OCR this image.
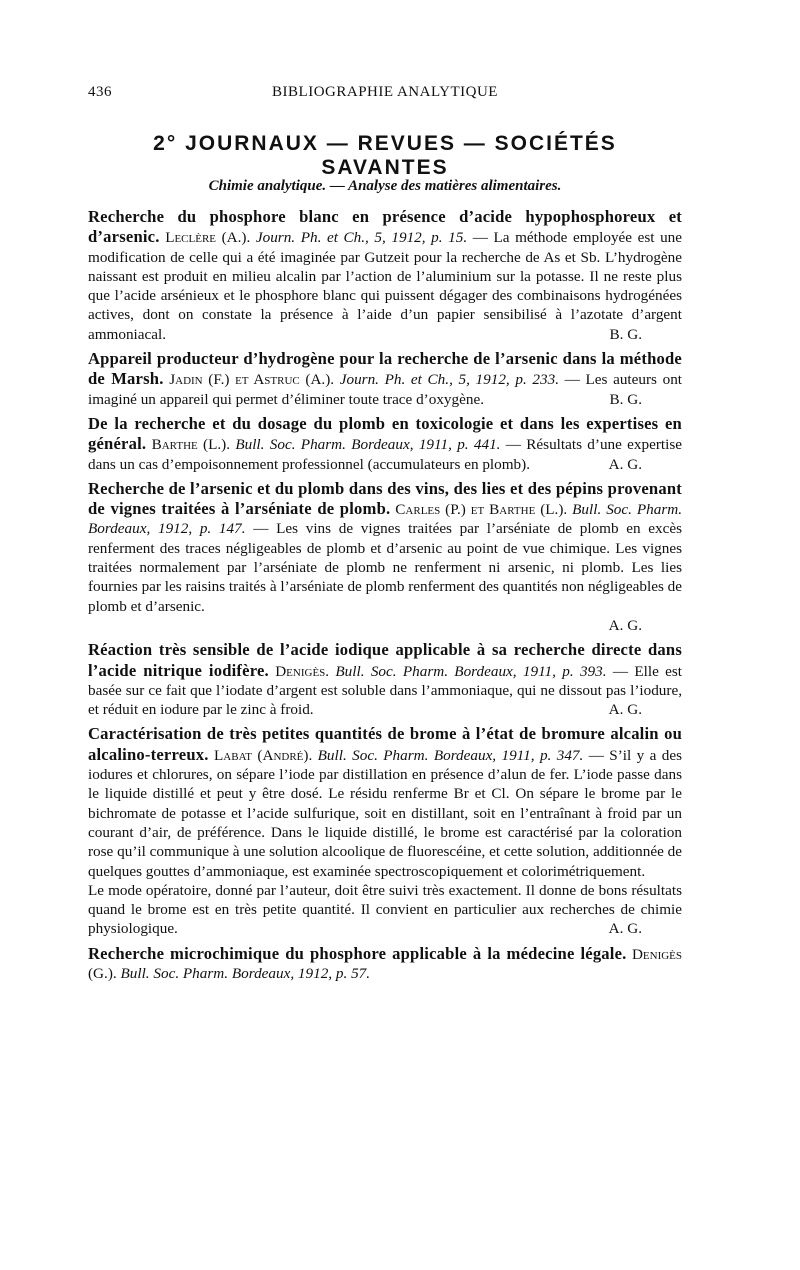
436	BIBLIOGRAPHIE ANALYTIQUE
2° JOURNAUX — REVUES — SOCIÉTÉS SAVANTES
Chimie analytique. — Analyse des matières alimentaires.

Recherche du phosphore blanc en présence d’acide hypophosphoreux et d’arsenic. Leclère (A.). Journ. Ph. et Ch., 5, 1912, p. 15. — La méthode employée est une modification de celle qui a été imaginée par Gutzeit pour la recherche de As et Sb. L’hydrogène naissant est produit en milieu alcalin par l’action de l’aluminium sur la potasse. Il ne reste plus que l’acide arsénieux et le phosphore blanc qui puissent dégager des combinaisons hydrogénées actives, dont on constate la présence à l’aide d’un papier sensibilisé à l’azotate d’argent ammoniacal.	B. G.

Appareil producteur d’hydrogène pour la recherche de l’arsenic dans la méthode de Marsh. Jadin (F.) et Astruc (A.). Journ. Ph. et Ch., 5, 1912, p. 233. — Les auteurs ont imaginé un appareil qui permet d’éliminer toute trace d’oxygène.	B. G.

De la recherche et du dosage du plomb en toxicologie et dans les expertises en général. Barthe (L.). Bull. Soc. Pharm. Bordeaux, 1911, p. 441. — Résultats d’une expertise dans un cas d’empoisonnement professionnel (accumulateurs en plomb).	A. G.

Recherche de l’arsenic et du plomb dans des vins, des lies et des pépins provenant de vignes traitées à l’arséniate de plomb. Carles (P.) et Barthe (L.). Bull. Soc. Pharm. Bordeaux, 1912, p. 147. — Les vins de vignes traitées par l’arséniate de plomb en excès renferment des traces négligeables de plomb et d’arsenic au point de vue chimique. Les vignes traitées normalement par l’arséniate de plomb ne renferment ni arsenic, ni plomb. Les lies fournies par les raisins traités à l’arséniate de plomb renferment des quantités non négligeables de plomb et d’arsenic.
A. G.

Réaction très sensible de l’acide iodique applicable à sa recherche directe dans l’acide nitrique iodifère. Denigès. Bull. Soc. Pharm. Bordeaux, 1911, p. 393. — Elle est basée sur ce fait que l’iodate d’argent est soluble dans l’ammoniaque, qui ne dissout pas l’iodure, et réduit en iodure par le zinc à froid.	A. G.

Caractérisation de très petites quantités de brome à l’état de bromure alcalin ou alcalino-terreux. Labat (André). Bull. Soc. Pharm. Bordeaux, 1911, p. 347. — S’il y a des iodures et chlorures, on sépare l’iode par distillation en présence d’alun de fer. L’iode passe dans le liquide distillé et peut y être dosé. Le résidu renferme Br et Cl. On sépare le brome par le bichromate de potasse et l’acide sulfurique, soit en distillant, soit en l’entraînant à froid par un courant d’air, de préférence. Dans le liquide distillé, le brome est caractérisé par la coloration rose qu’il communique à une solution alcoolique de fluorescéine, et cette solution, additionnée de quelques gouttes d’ammoniaque, est examinée spectroscopiquement et colorimétriquement.

Le mode opératoire, donné par l’auteur, doit être suivi très exactement. Il donne de bons résultats quand le brome est en très petite quantité. Il convient en particulier aux recherches de chimie physiologique.	A. G.

Recherche microchimique du phosphore applicable à la médecine légale. Denigès (G.). Bull. Soc. Pharm. Bordeaux, 1912, p. 57.
